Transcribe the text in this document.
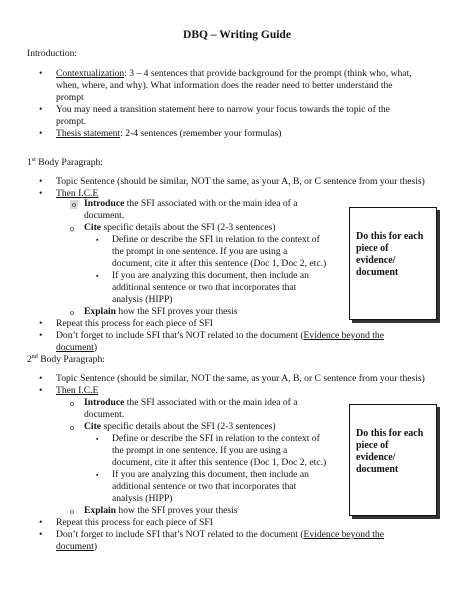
DBQ – Writing Guide
Introduction:
• Contextualization: 3 – 4 sentences that provide background for the prompt (think who, what,
when, where, and why). What information does the reader need to better understand the
prompt
• You may need a transition statement here to narrow your focus towards the topic of the
prompt.
• Thesis statement: 2-4 sentences (remember your formulas)
1st Body Paragraph:
• Topic Sentence (should be similar, NOT the same, as your A, B, or C sentence from your thesis)
• Then I.C.E
o Introduce the SFI associated with or the main idea of a
document.
o Cite specific details about the SFI (2-3 sentences)
▪ Define or describe the SFI in relation to the context of
the prompt in one sentence. If you are using a
document, cite it after this sentence (Doc 1, Doc 2, etc.)
▪ If you are analyzing this document, then include an
additional sentence or two that incorporates that
analysis (HIPP)
o Explain how the SFI proves your thesis
• Repeat this process for each piece of SFI
• Don’t forget to include SFI that’s NOT related to the document (Evidence beyond the
document)
Do this for each
piece of
evidence/
document
2nd Body Paragraph:
• Topic Sentence (should be similar, NOT the same, as your A, B, or C sentence from your thesis)
• Then I.C.E
o Introduce the SFI associated with or the main idea of a
document.
o Cite specific details about the SFI (2-3 sentences)
▪ Define or describe the SFI in relation to the context of
the prompt in one sentence. If you are using a
document, cite it after this sentence (Doc 1, Doc 2, etc.)
▪ If you are analyzing this document, then include an
additional sentence or two that incorporates that
analysis (HIPP)
o Explain how the SFI proves your thesis
• Repeat this process for each piece of SFI
• Don’t forget to include SFI that’s NOT related to the document (Evidence beyond the
document)
Do this for each
piece of
evidence/
document
